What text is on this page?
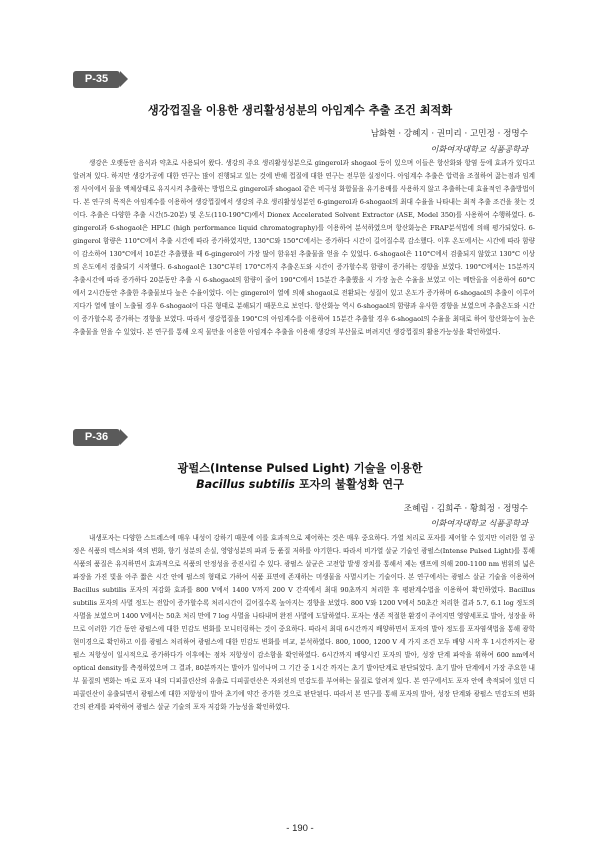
P-35
생강껍질을 이용한 생리활성성분의 아임계수 추출 조건 최적화
남화현 · 강혜지 · 권미리 · 고민정 · 정명수
이화여자대학교 식품공학과

생강은 오랫동안 음식과 약초로 사용되어 왔다. 생강의 주요 생리활성성분으로 gingerol과 shogaol 등이 있으며 이들은 항산화와 항염 등에 효과가 있다고 알려져 있다. 하지만 생강가공에 대한 연구는 많이 진행되고 있는 것에 반해 껍질에 대한 연구는 전무한 실정이다. 아임계수 추출은 압력을 조절하여 끓는점과 임계점 사이에서 물을 액체상태로 유지시켜 추출하는 방법으로 gingerol과 shogaol 같은 비극성 화합물을 유기용매를 사용하지 않고 추출하는데 효율적인 추출방법이다. 본 연구의 목적은 아임계수를 이용하여 생강껍질에서 생강의 주요 생리활성성분인 6-gingerol과 6-shogaol의 최대 수율을 나타내는 최적 추출 조건을 찾는 것이다. 추출은 다양한 추출 시간(5-20분) 및 온도(110-190°C)에서 Dionex Accelerated Solvent Extractor (ASE, Model 350)를 사용하여 수행하였다. 6-gingerol과 6-shogaol은 HPLC (high performance liquid chromatography)를 이용하여 분석하였으며 항산화능은 FRAP분석법에 의해 평가되었다. 6-gingerol 함량은 110°C에서 추출 시간에 따라 증가하였지만, 130°C와 150°C에서는 증가하다 시간이 길어질수록 감소했다. 이후 온도에서는 시간에 따라 함량이 감소하여 130°C에서 10분간 추출했을 때 6-gingerol이 가장 많이 함유된 추출물을 얻을 수 있었다. 6-shogaol은 110°C에서 검출되지 않았고 130°C 이상의 온도에서 검출되기 시작했다. 6-shogaol은 130°C부터 170°C까지 추출온도와 시간이 증가할수록 함량이 증가하는 경향을 보였다. 190°C에서는 15분까지 추출시간에 따라 증가하다 20분동안 추출 시 6-shogaol의 함량이 줄어 190°C에서 15분간 추출했을 시 가장 높은 수율을 보였고 이는 메탄올을 이용하여 60°C에서 2시간동안 추출한 추출물보다 높은 수율이었다. 이는 gingerol이 열에 의해 shogaol로 전환되는 성질이 있고 온도가 증가하며 6-shogaol의 추출이 이루어지다가 열에 많이 노출될 경우 6-shogaol이 다른 형태로 분해되기 때문으로 보인다. 항산화능 역시 6-shogaol의 함량과 유사한 경향을 보였으며 추출온도와 시간이 증가할수록 증가하는 경향을 보였다. 따라서 생강껍질을 190°C의 아임계수를 이용하여 15분간 추출할 경우 6-shogaol의 수율을 최대로 하여 항산화능이 높은 추출물을 얻을 수 있었다. 본 연구를 통해 오직 물만을 이용한 아임계수 추출을 이용해 생강의 부산물로 버려지던 생강껍질의 활용가능성을 확인하였다.

P-36
광펄스(Intense Pulsed Light) 기술을 이용한
Bacillus subtilis 포자의 불활성화 연구
조혜림 · 김희주 · 황희정 · 정명수
이화여자대학교 식품공학과

내생포자는 다양한 스트레스에 매우 내성이 강하기 때문에 이를 효과적으로 제어하는 것은 매우 중요하다. 가열 처리로 포자를 제어할 수 있지만 이러한 열 공정은 식품의 텍스처와 색의 변화, 향기 성분의 손실, 영양성분의 파괴 등 품질 저하를 야기한다. 따라서 비가열 살균 기술인 광펄스(Intense Pulsed Light)를 통해 식품의 품질은 유지하면서 효과적으로 식품의 안정성을 증진시킬 수 있다. 광펄스 살균은 고전압 발생 장치를 통해서 제논 램프에 의해 200-1100 nm 범위의 넓은 파장을 가진 빛을 아주 짧은 시간 안에 펄스의 형태로 가하여 식품 표면에 존재하는 미생물을 사멸시키는 기술이다. 본 연구에서는 광펄스 살균 기술을 이용하여 Bacillus subtilis 포자의 저감화 효과를 800 V에서 1400 V까지 200 V 간격에서 최대 90초까지 처리한 후 평판계수법을 이용하여 확인하였다. Bacillus subtilis 포자의 사멸 정도는 전압이 증가할수록 처리시간이 길어질수록 높아지는 경향을 보였다. 800 V와 1200 V에서 50초간 처리한 결과 5.7, 6.1 log 정도의 사멸을 보였으며 1400 V에서는 50초 처리 만에 7 log 사멸을 나타내며 완전 사멸에 도달하였다. 포자는 생존 적절한 환경이 주어지면 영양세포로 발아, 성장을 하므로 이러한 기간 동안 광펄스에 대한 민감도 변화를 모니터링하는 것이 중요하다. 따라서 최대 6시간까지 배양하면서 포자의 발아 정도를 포자염색법을 통해 광학현미경으로 확인하고 이를 광펄스 처리하여 광펄스에 대한 민감도 변화를 비교, 분석하였다. 800, 1000, 1200 V 세 가지 조건 모두 배양 시작 후 1시간까지는 광펄스 저항성이 일시적으로 증가하다가 이후에는 점차 저항성이 감소함을 확인하였다. 6시간까지 배양시킨 포자의 발아, 성장 단계 파악을 위하여 600 nm에서 optical density를 측정하였으며 그 결과, 80분까지는 발아가 일어나며 그 기간 중 1시간 까지는 초기 발아단계로 판단되었다. 초기 발아 단계에서 가장 주요한 내부 물질의 변화는 바로 포자 내의 디피콜린산의 유출로 디피콜린산은 자외선의 민감도를 부여하는 물질로 알려져 있다. 본 연구에서도 포자 안에 축적되어 있던 디피콜린산이 유출되면서 광펄스에 대한 저항성이 발아 초기에 약간 증가한 것으로 판단된다. 따라서 본 연구를 통해 포자의 발아, 성장 단계와 광펄스 민감도의 변화 간의 관계를 파악하여 광펄스 살균 기술의 포자 저감화 가능성을 확인하였다.

- 190 -
